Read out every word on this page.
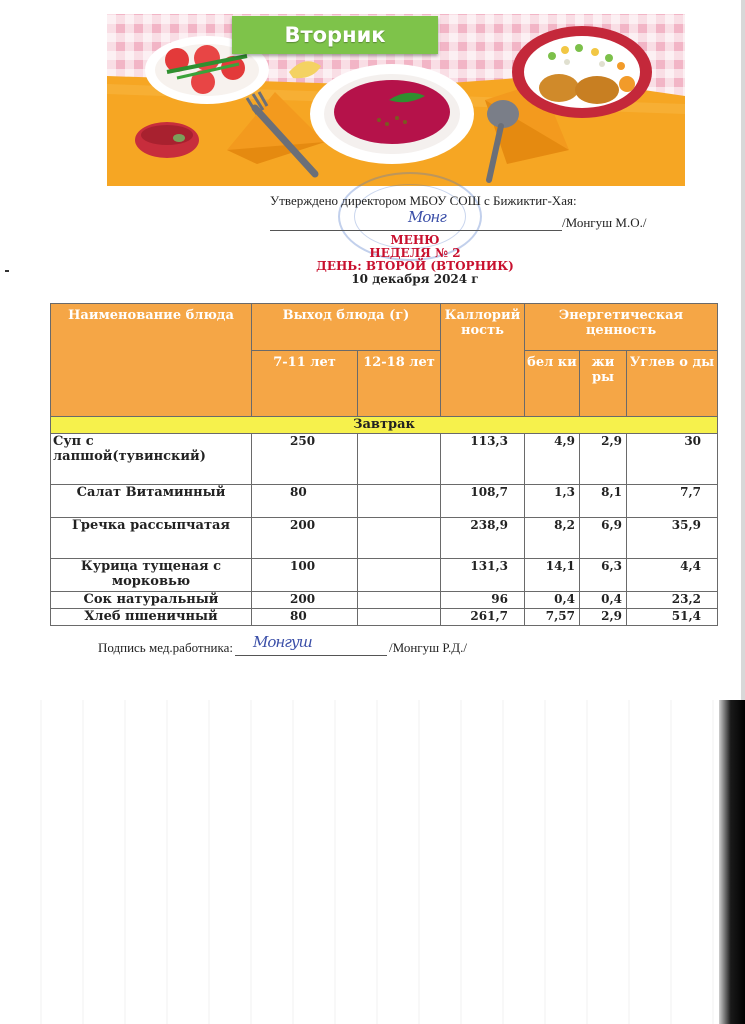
Вторник
Утверждено директором МБОУ СОШ с Бижиктиг-Хая:
Монг	/Монгуш М.О./
МЕНЮ
НЕДЕЛЯ № 2
ДЕНЬ: ВТОРОЙ (ВТОРНИК)
10 декабря 2024 г
Наименование блюда	Выход блюда (г)		Каллорий ность	Энергетическая ценность		
	7-11 лет	12-18 лет		бел ки	жи ры	Углев о ды
Завтрак						
Суп с лапшой(тувинский)	250		113,3	4,9	2,9	30
Салат Витаминный	80		108,7	1,3	8,1	7,7
Гречка рассыпчатая	200		238,9	8,2	6,9	35,9
Курица тущеная с морковью	100		131,3	14,1	6,3	4,4
Сок натуральный	200		96	0,4	0,4	23,2
Хлеб пшеничный	80		261,7	7,57	2,9	51,4
Подпись мед.работника: Монгуш	/Монгуш Р.Д./
